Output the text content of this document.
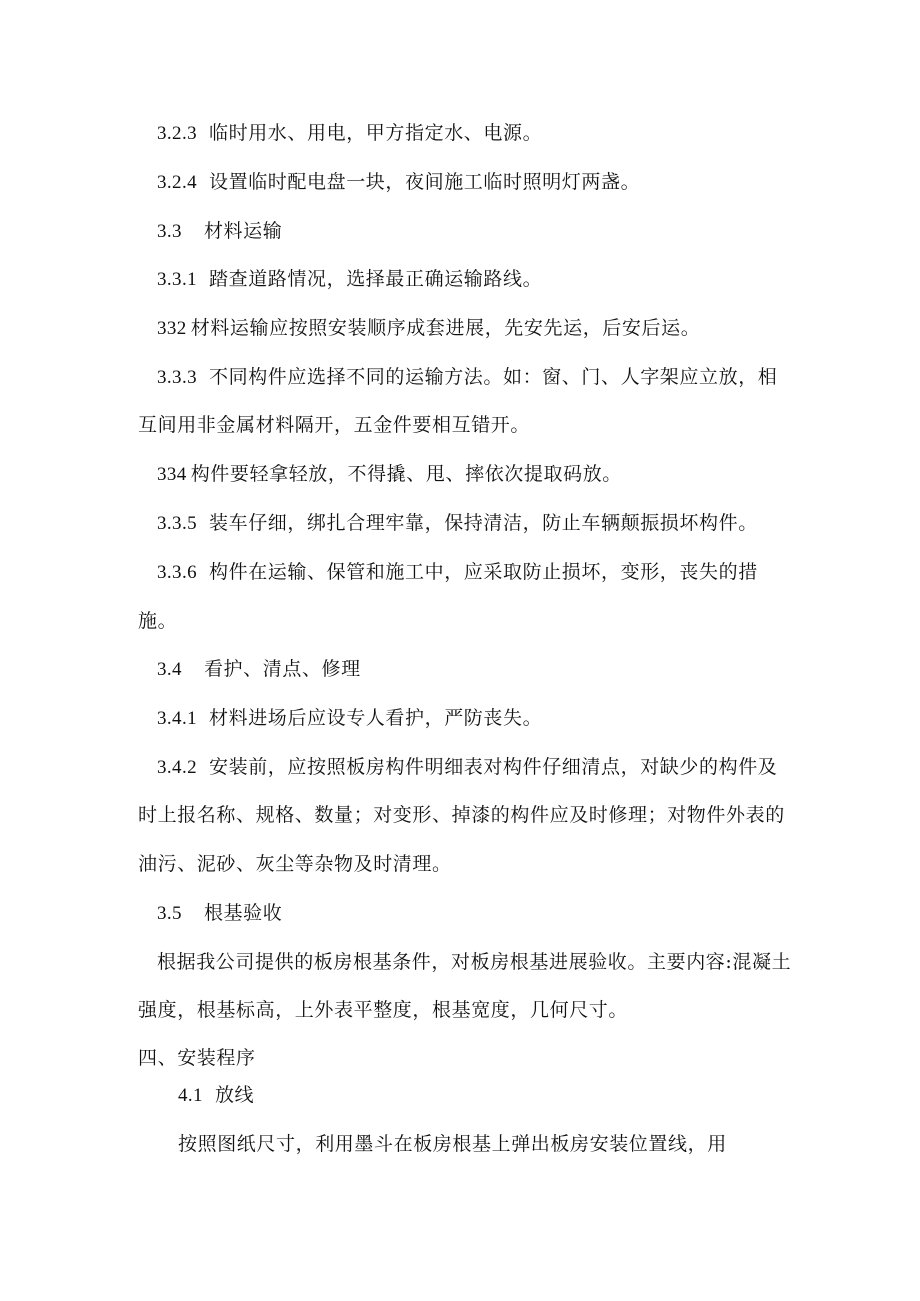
3.2.3 临时用水、用电，甲方指定水、电源。
3.2.4 设置临时配电盘一块，夜间施工临时照明灯两盏。
3.3 材料运输
3.3.1 踏查道路情况，选择最正确运输路线。
332 材料运输应按照安装顺序成套进展，先安先运，后安后运。
3.3.3 不同构件应选择不同的运输方法。如：窗、门、人字架应立放，相
互间用非金属材料隔开，五金件要相互错开。
334 构件要轻拿轻放，不得撬、甩、摔依次提取码放。
3.3.5 装车仔细，绑扎合理牢靠，保持清洁，防止车辆颠振损坏构件。
3.3.6 构件在运输、保管和施工中，应采取防止损坏，变形，丧失的措
施。
3.4 看护、清点、修理
3.4.1 材料进场后应设专人看护，严防丧失。
3.4.2 安装前，应按照板房构件明细表对构件仔细清点，对缺少的构件及
时上报名称、规格、数量；对变形、掉漆的构件应及时修理；对物件外表的
油污、泥砂、灰尘等杂物及时清理。
3.5 根基验收
根据我公司提供的板房根基条件，对板房根基进展验收。主要内容:混凝土
强度，根基标高，上外表平整度，根基宽度，几何尺寸。
四、安装程序
4.1 放线
按照图纸尺寸，利用墨斗在板房根基上弹出板房安装位置线，用
